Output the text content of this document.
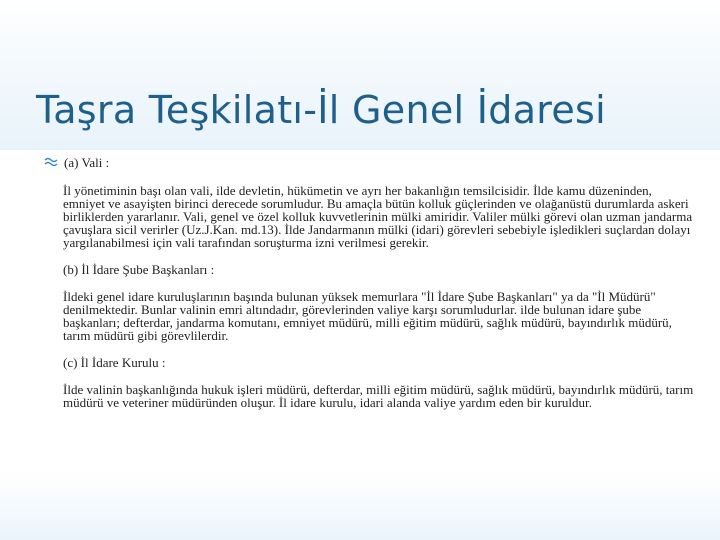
Taşra Teşkilatı-İl Genel İdaresi
(a) Vali :

İl yönetiminin başı olan vali, ilde devletin, hükümetin ve ayrı her bakanlığın temsilcisidir. İlde kamu düzeninden, emniyet ve asayişten birinci derecede sorumludur. Bu amaçla bütün kolluk güçlerinden ve olağanüstü durumlarda askeri birliklerden yararlanır. Vali, genel ve özel kolluk kuvvetlerinin mülki amiridir. Valiler mülki görevi olan uzman jandarma çavuşlara sicil verirler (Uz.J.Kan. md.13). İlde Jandarmanın mülki (idari) görevleri sebebiyle işledikleri suçlardan dolayı yargılanabilmesi için vali tarafından soruşturma izni verilmesi gerekir.

(b) İl İdare Şube Başkanları :

İldeki genel idare kuruluşlarının başında bulunan yüksek memurlara "İl İdare Şube Başkanları" ya da "İl Müdürü" denilmektedir. Bunlar valinin emri altındadır, görevlerinden valiye karşı sorumludurlar. ilde bulunan idare şube başkanları; defterdar, jandarma komutanı, emniyet müdürü, milli eğitim müdürü, sağlık müdürü, bayındırlık müdürü, tarım müdürü gibi görevlilerdir.

(c) İl İdare Kurulu :

İlde valinin başkanlığında hukuk işleri müdürü, defterdar, milli eğitim müdürü, sağlık müdürü, bayındırlık müdürü, tarım müdürü ve veteriner müdüründen oluşur. İl idare kurulu, idari alanda valiye yardım eden bir kuruldur.
